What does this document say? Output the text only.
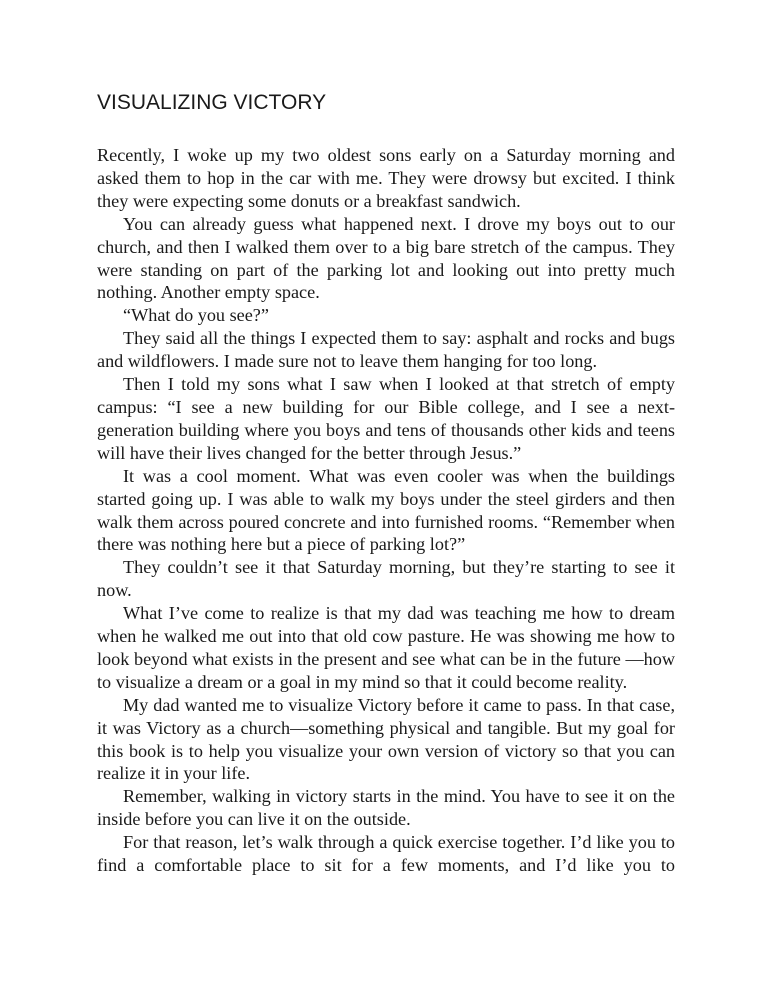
VISUALIZING VICTORY

Recently, I woke up my two oldest sons early on a Saturday morning and asked them to hop in the car with me. They were drowsy but excited. I think they were expecting some donuts or a breakfast sandwich.

You can already guess what happened next. I drove my boys out to our church, and then I walked them over to a big bare stretch of the campus. They were standing on part of the parking lot and looking out into pretty much nothing. Another empty space.

“What do you see?”

They said all the things I expected them to say: asphalt and rocks and bugs and wildflowers. I made sure not to leave them hanging for too long.

Then I told my sons what I saw when I looked at that stretch of empty campus: “I see a new building for our Bible college, and I see a next-generation building where you boys and tens of thousands other kids and teens will have their lives changed for the better through Jesus.”

It was a cool moment. What was even cooler was when the buildings started going up. I was able to walk my boys under the steel girders and then walk them across poured concrete and into furnished rooms. “Remember when there was nothing here but a piece of parking lot?”

They couldn’t see it that Saturday morning, but they’re starting to see it now.

What I’ve come to realize is that my dad was teaching me how to dream when he walked me out into that old cow pasture. He was showing me how to look beyond what exists in the present and see what can be in the future —how to visualize a dream or a goal in my mind so that it could become reality.

My dad wanted me to visualize Victory before it came to pass. In that case, it was Victory as a church—something physical and tangible. But my goal for this book is to help you visualize your own version of victory so that you can realize it in your life.

Remember, walking in victory starts in the mind. You have to see it on the inside before you can live it on the outside.

For that reason, let’s walk through a quick exercise together. I’d like you to find a comfortable place to sit for a few moments, and I’d like you to
